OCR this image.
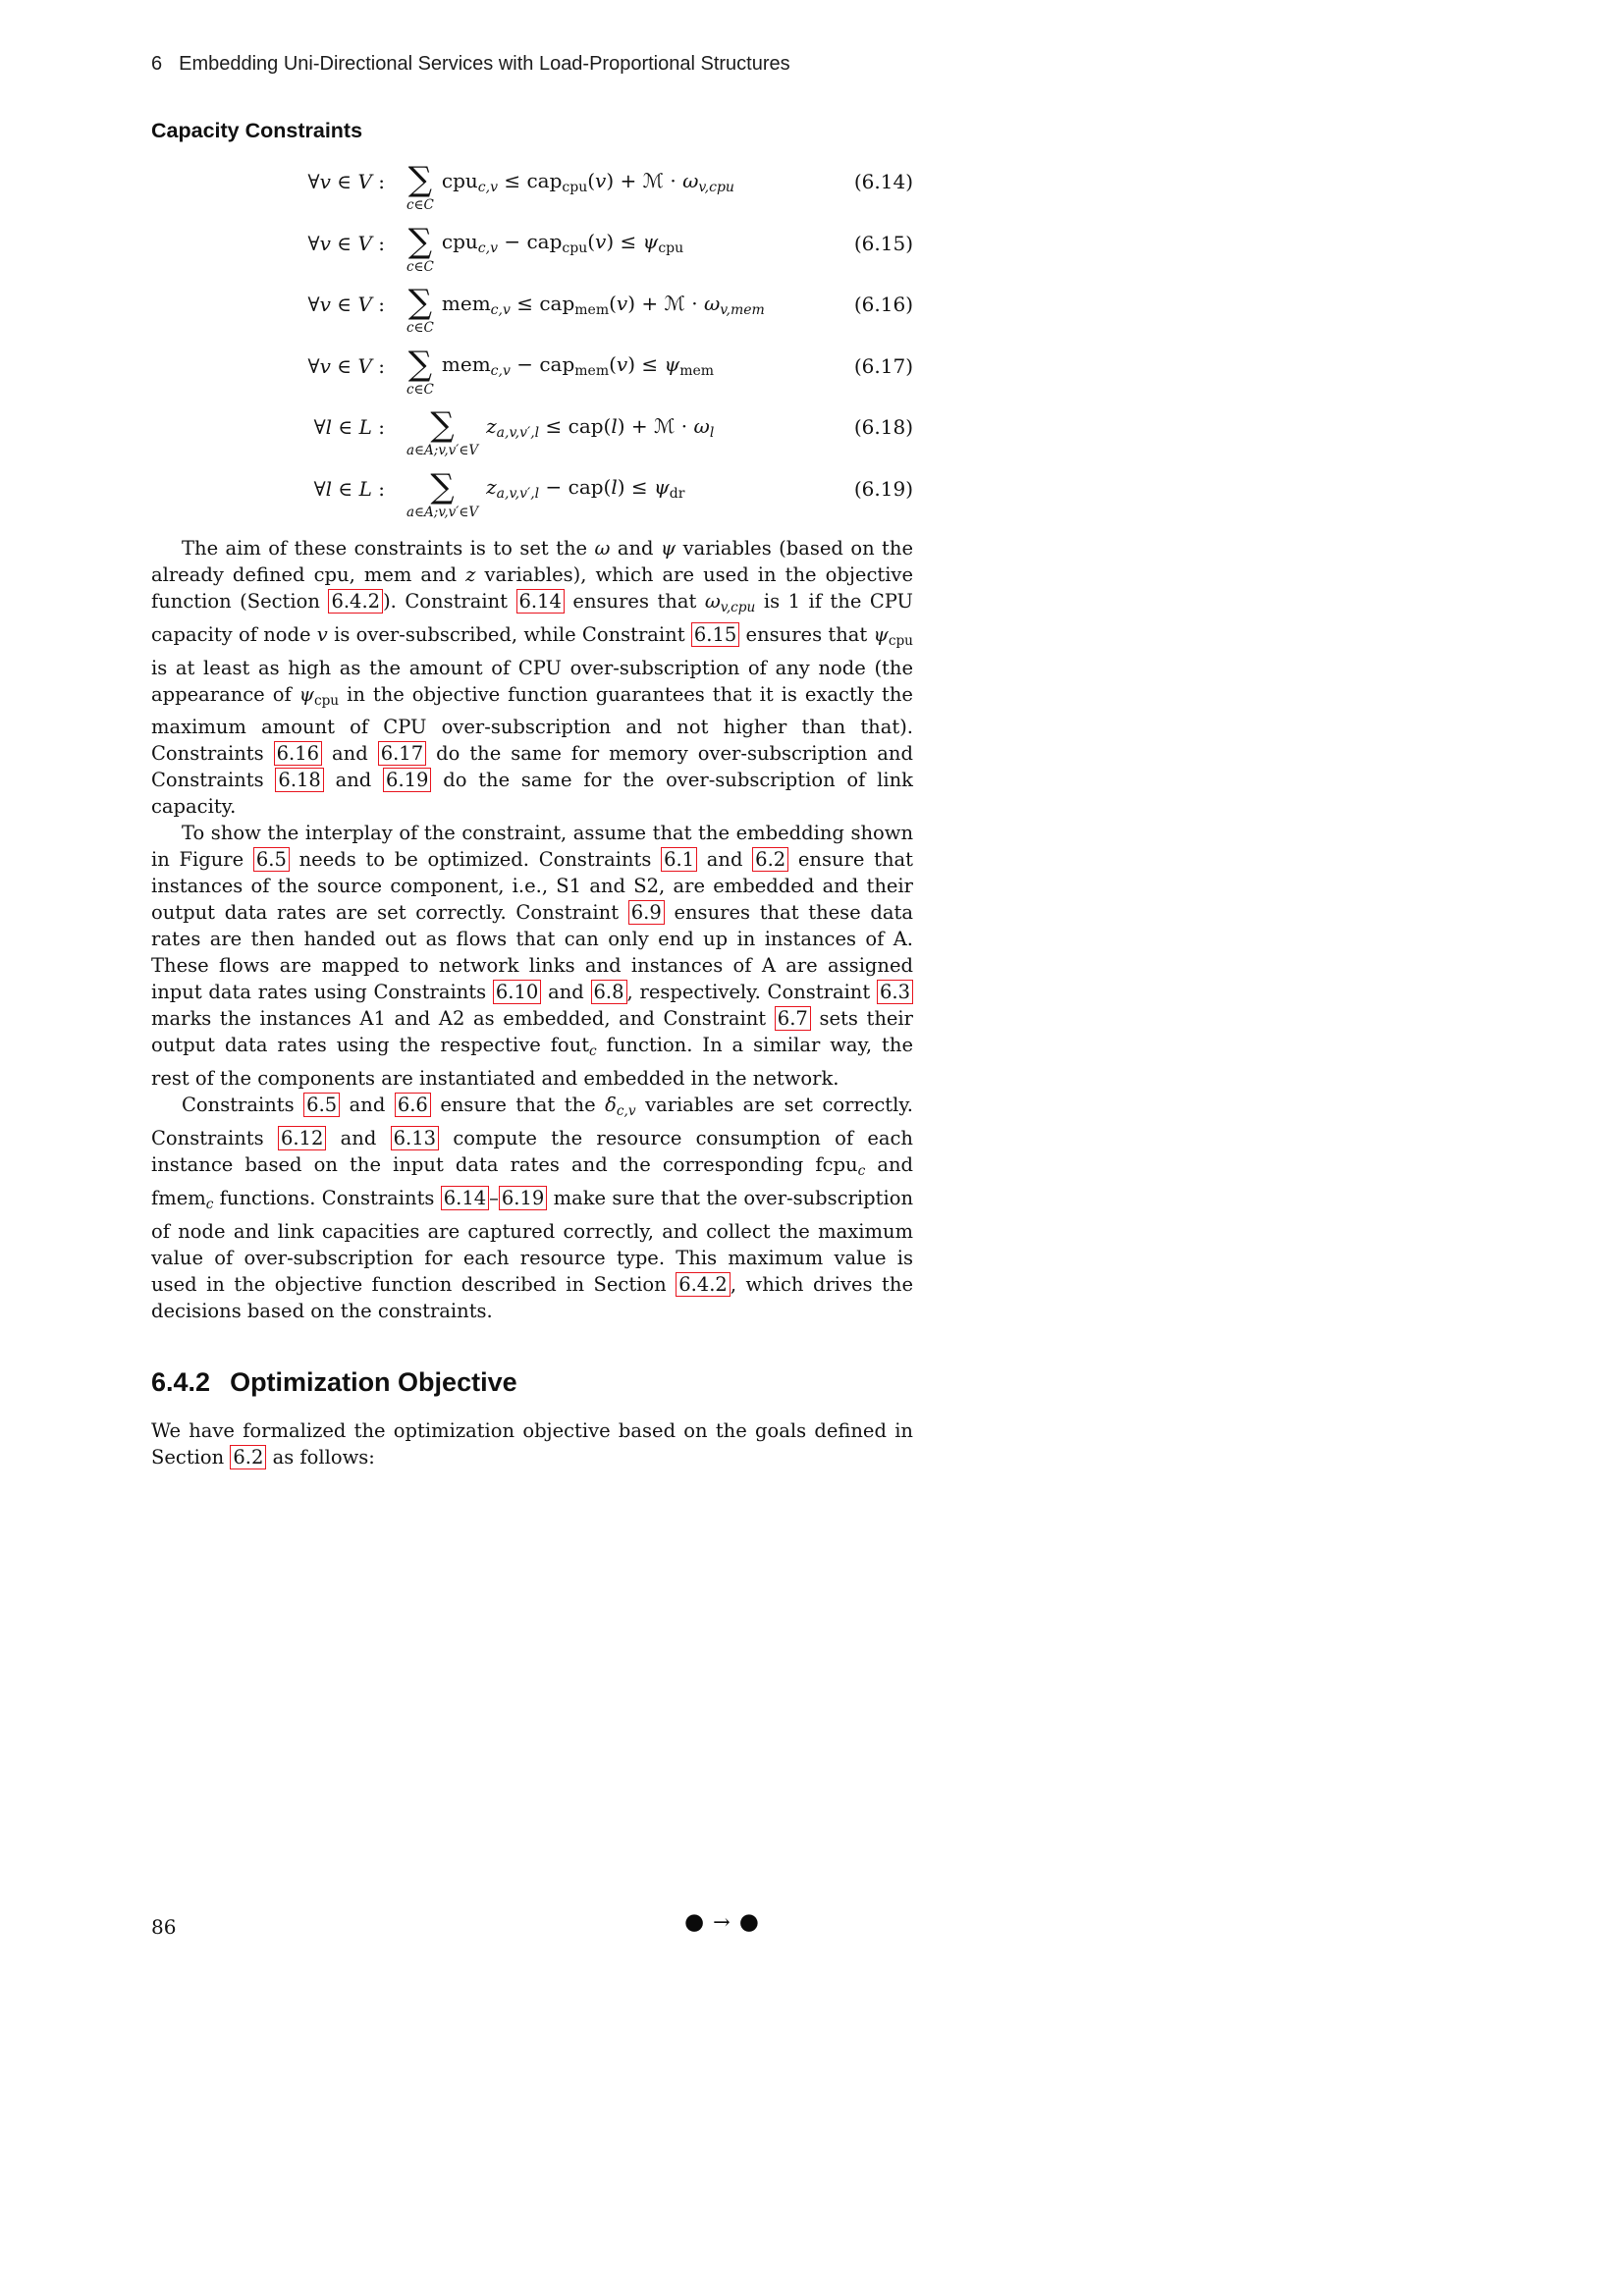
6 Embedding Uni-Directional Services with Load-Proportional Structures
Capacity Constraints
∀v ∈ V : ∑
c∈C
cpuc,v ≤ capcpu(v) + ℳ · ωv,cpu	(6.14)
∀v ∈ V : ∑
c∈C
cpuc,v − capcpu(v) ≤ ψcpu	(6.15)
∀v ∈ V : ∑
c∈C
memc,v ≤ capmem(v) + ℳ · ωv,mem	(6.16)
∀v ∈ V : ∑
c∈C
memc,v − capmem(v) ≤ ψmem	(6.17)
∀l ∈ L : ∑
a∈A;v,v′∈V
za,v,v′,l ≤ cap(l) + ℳ · ωl	(6.18)
∀l ∈ L : ∑
a∈A;v,v′∈V
za,v,v′,l − cap(l) ≤ ψdr	(6.19)

The aim of these constraints is to set the ω and ψ variables (based on the already defined cpu, mem and z variables), which are used in the objective function (Section 6.4.2 ). Constraint 6.14 ensures that ωv,cpu is 1 if the CPU capacity of node v is over-subscribed, while Constraint 6.15 ensures that ψcpu is at least as high as the amount of CPU over-subscription of any node (the appearance of ψcpu in the objective function guarantees that it is exactly the maximum amount of CPU over-subscription and not higher than that). Constraints 6.16 and 6.17 do the same for memory over-subscription and Constraints 6.18 and 6.19 do the same for the over-subscription of link capacity.

To show the interplay of the constraint, assume that the embedding shown in Figure 6.5 needs to be optimized. Constraints 6.1 and 6.2 ensure that instances of the source component, i.e., S1 and S2, are embedded and their output data rates are set correctly. Constraint 6.9 ensures that these data rates are then handed out as flows that can only end up in instances of A. These flows are mapped to network links and instances of A are assigned input data rates using Constraints 6.10 and 6.8 , respectively. Constraint 6.3 marks the instances A1 and A2 as embedded, and Constraint 6.7 sets their output data rates using the respective foutc function. In a similar way, the rest of the components are instantiated and embedded in the network.

Constraints 6.5 and 6.6 ensure that the δc,v variables are set correctly. Constraints 6.12 and 6.13 compute the resource consumption of each instance based on the input data rates and the corresponding fcpuc and fmemc functions. Constraints 6.14 – 6.19 make sure that the over-subscription of node and link capacities are captured correctly, and collect the maximum value of over-subscription for each resource type. This maximum value is used in the objective function described in Section 6.4.2 , which drives the decisions based on the constraints.

6.4.2 Optimization Objective

We have formalized the optimization objective based on the goals defined in Section 6.2 as follows:

86	● → ●
